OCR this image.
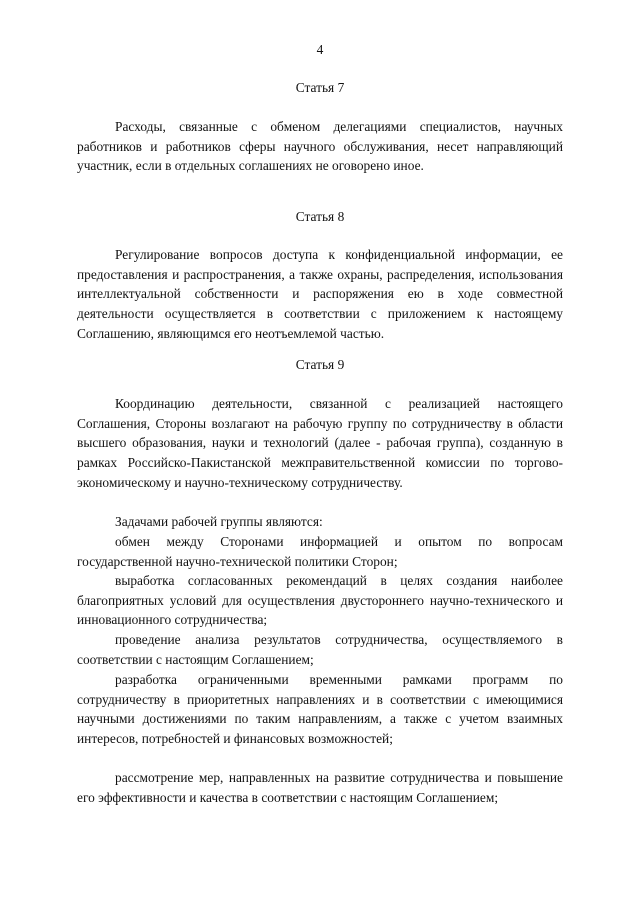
4
Статья 7

Расходы, связанные с обменом делегациями специалистов, научных работников и работников сферы научного обслуживания, несет направляющий участник, если в отдельных соглашениях не оговорено иное.

Статья 8

Регулирование вопросов доступа к конфиденциальной информации, ее предоставления и распространения, а также охраны, распределения, использования интеллектуальной собственности и распоряжения ею в ходе совместной деятельности осуществляется в соответствии с приложением к настоящему Соглашению, являющимся его неотъемлемой частью.

Статья 9

Координацию деятельности, связанной с реализацией настоящего Соглашения, Стороны возлагают на рабочую группу по сотрудничеству в области высшего образования, науки и технологий (далее - рабочая группа), созданную в рамках Российско-Пакистанской межправительственной комиссии по торгово-экономическому и научно-техническому сотрудничеству.

Задачами рабочей группы являются:

обмен между Сторонами информацией и опытом по вопросам государственной научно-технической политики Сторон;

выработка согласованных рекомендаций в целях создания наиболее благоприятных условий для осуществления двустороннего научно-технического и инновационного сотрудничества;

проведение анализа результатов сотрудничества, осуществляемого в соответствии с настоящим Соглашением;

разработка ограниченными временными рамками программ по сотрудничеству в приоритетных направлениях и в соответствии с имеющимися научными достижениями по таким направлениям, а также с учетом взаимных интересов, потребностей и финансовых возможностей;

рассмотрение мер, направленных на развитие сотрудничества и повышение его эффективности и качества в соответствии с настоящим Соглашением;
